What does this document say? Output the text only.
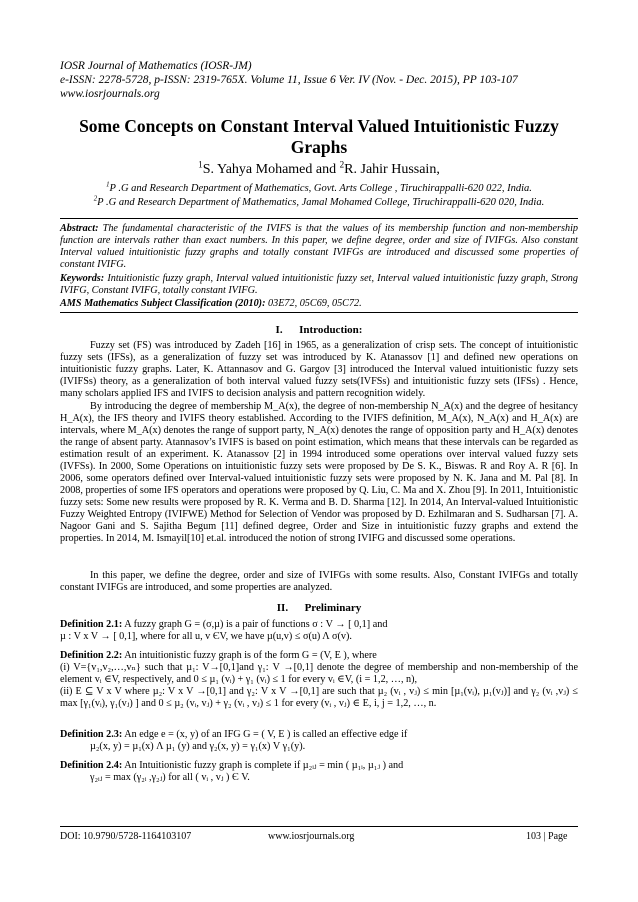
IOSR Journal of Mathematics (IOSR-JM)
e-ISSN: 2278-5728, p-ISSN: 2319-765X. Volume 11, Issue 6 Ver. IV (Nov. - Dec. 2015), PP 103-107
www.iosrjournals.org
Some Concepts on Constant Interval Valued Intuitionistic Fuzzy Graphs
$^1$S. Yahya Mohamed and $^2$R. Jahir Hussain,
$^1$P .G and Research Department of Mathematics, Govt. Arts College , Tiruchirappalli-620 022, India.
$^2$P .G and Research Department of Mathematics, Jamal Mohamed College, Tiruchirappalli-620 020, India.
Abstract: The fundamental characteristic of the IVIFS is that the values of its membership function and non-membership function are intervals rather than exact numbers. In this paper, we define degree, order and size of IVIFGs. Also constant Interval valued intuitionistic fuzzy graphs and totally constant IVIFGs are introduced and discussed some properties of constant IVIFG.
Keywords: Intuitionistic fuzzy graph, Interval valued intuitionistic fuzzy set, Interval valued intuitionistic fuzzy graph, Strong IVIFG, Constant IVIFG, totally constant IVIFG.
AMS Mathematics Subject Classification (2010): 03E72, 05C69, 05C72.
I.      Introduction:
Fuzzy set (FS) was introduced by Zadeh [16] in 1965, as a generalization of crisp sets. The concept of intuitionistic fuzzy sets (IFSs), as a generalization of fuzzy set was introduced by K. Atanassov [1] and defined new operations on intuitionistic fuzzy graphs. Later, K. Attannasov and G. Gargov [3] introduced the Interval valued intuitionistic fuzzy sets (IVIFSs) theory, as a generalization of both interval valued fuzzy sets(IVFSs) and intuitionistic fuzzy sets (IFSs) . Hence, many scholars applied IFS and IVIFS to decision analysis and pattern recognition widely.
By introducing the degree of membership M_A(x), the degree of non-membership N_A(x) and the degree of hesitancy H_A(x), the IFS theory and IVIFS theory established. According to the IVIFS definition, M_A(x), N_A(x) and H_A(x) are intervals, where M_A(x) denotes the range of support party, N_A(x) denotes the range of opposition party and H_A(x) denotes the range of absent party. Atannasov’s IVIFS is based on point estimation, which means that these intervals can be regarded as estimation result of an experiment. K. Atanassov [2] in 1994 introduced some operations over interval valued fuzzy sets (IVFSs). In 2000, Some Operations on intuitionistic fuzzy sets were proposed by De S. K., Biswas. R and Roy A. R [6]. In 2006, some operators defined over Interval-valued intuitionistic fuzzy sets were proposed by N. K. Jana and M. Pal [8]. In 2008, properties of some IFS operators and operations were proposed by Q. Liu, C. Ma and X. Zhou [9]. In 2011, Intuitionistic fuzzy sets: Some new results were proposed by R. K. Verma and B. D. Sharma [12]. In 2014, An Interval-valued Intuitionistic Fuzzy Weighted Entropy (IVIFWE) Method for Selection of Vendor was proposed by D. Ezhilmaran and S. Sudharsan [7]. A. Nagoor Gani and S. Sajitha Begum [11] defined degree, Order and Size in intuitionistic fuzzy graphs and extend the properties. In 2014, M. Ismayil[10] et.al. introduced the notion of strong IVIFG and discussed some operations.
In this paper, we define the degree, order and size of IVIFGs with some results. Also, Constant IVIFGs and totally constant IVIFGs are introduced, and some properties are analyzed.
II.      Preliminary
Definition 2.1: A fuzzy graph G = (σ,µ) is a pair of functions σ : V → [ 0,1] and
µ : V x V → [ 0,1], where for all u, v ЄV, we have µ(u,v) ≤ σ(u) Λ σ(v).
Definition 2.2: An intuitionistic fuzzy graph is of the form G = (V, E ), where
(i) V={v₁,v₂,…,vₙ} such that µ₁: V→[0,1]and γ₁: V →[0,1] denote the degree of membership and non-membership of the element vᵢ ∈V, respectively, and 0 ≤ µ₁ (vᵢ) + γ₁ (vᵢ) ≤ 1 for every vᵢ ∈V, (i = 1,2, …, n),
(ii) E ⊆ V x V where µ₂: V x V →[0,1] and γ₂: V x V →[0,1] are such that µ₂ (vᵢ , vⱼ) ≤ min [µ₁(vᵢ), µ₁(vⱼ)] and γ₂ (vᵢ ,vⱼ) ≤ max [γ₁(vᵢ), γ₁(vⱼ) ] and 0 ≤ µ₂ (vᵢ, vⱼ) + γ₂ (vᵢ , vⱼ) ≤ 1 for every (vᵢ , vⱼ) ∈ E, i, j = 1,2, …, n.
Definition 2.3: An edge e = (x, y) of an IFG G = ( V, E ) is called an effective edge if
µ₂(x, y) = µ₁(x) Λ µ₁ (y) and γ₂(x, y) = γ₁(x) V γ₁(y).
Definition 2.4: An Intuitionistic fuzzy graph is complete if µ₂ᵢⱼ = min ( µ₁ᵢ, µ₁ⱼ ) and
γ₂ᵢⱼ = max (γ₂ᵢ ,γ₂ⱼ) for all ( vᵢ , vⱼ ) Є V.
DOI: 10.9790/5728-1164103107	www.iosrjournals.org	103 | Page
